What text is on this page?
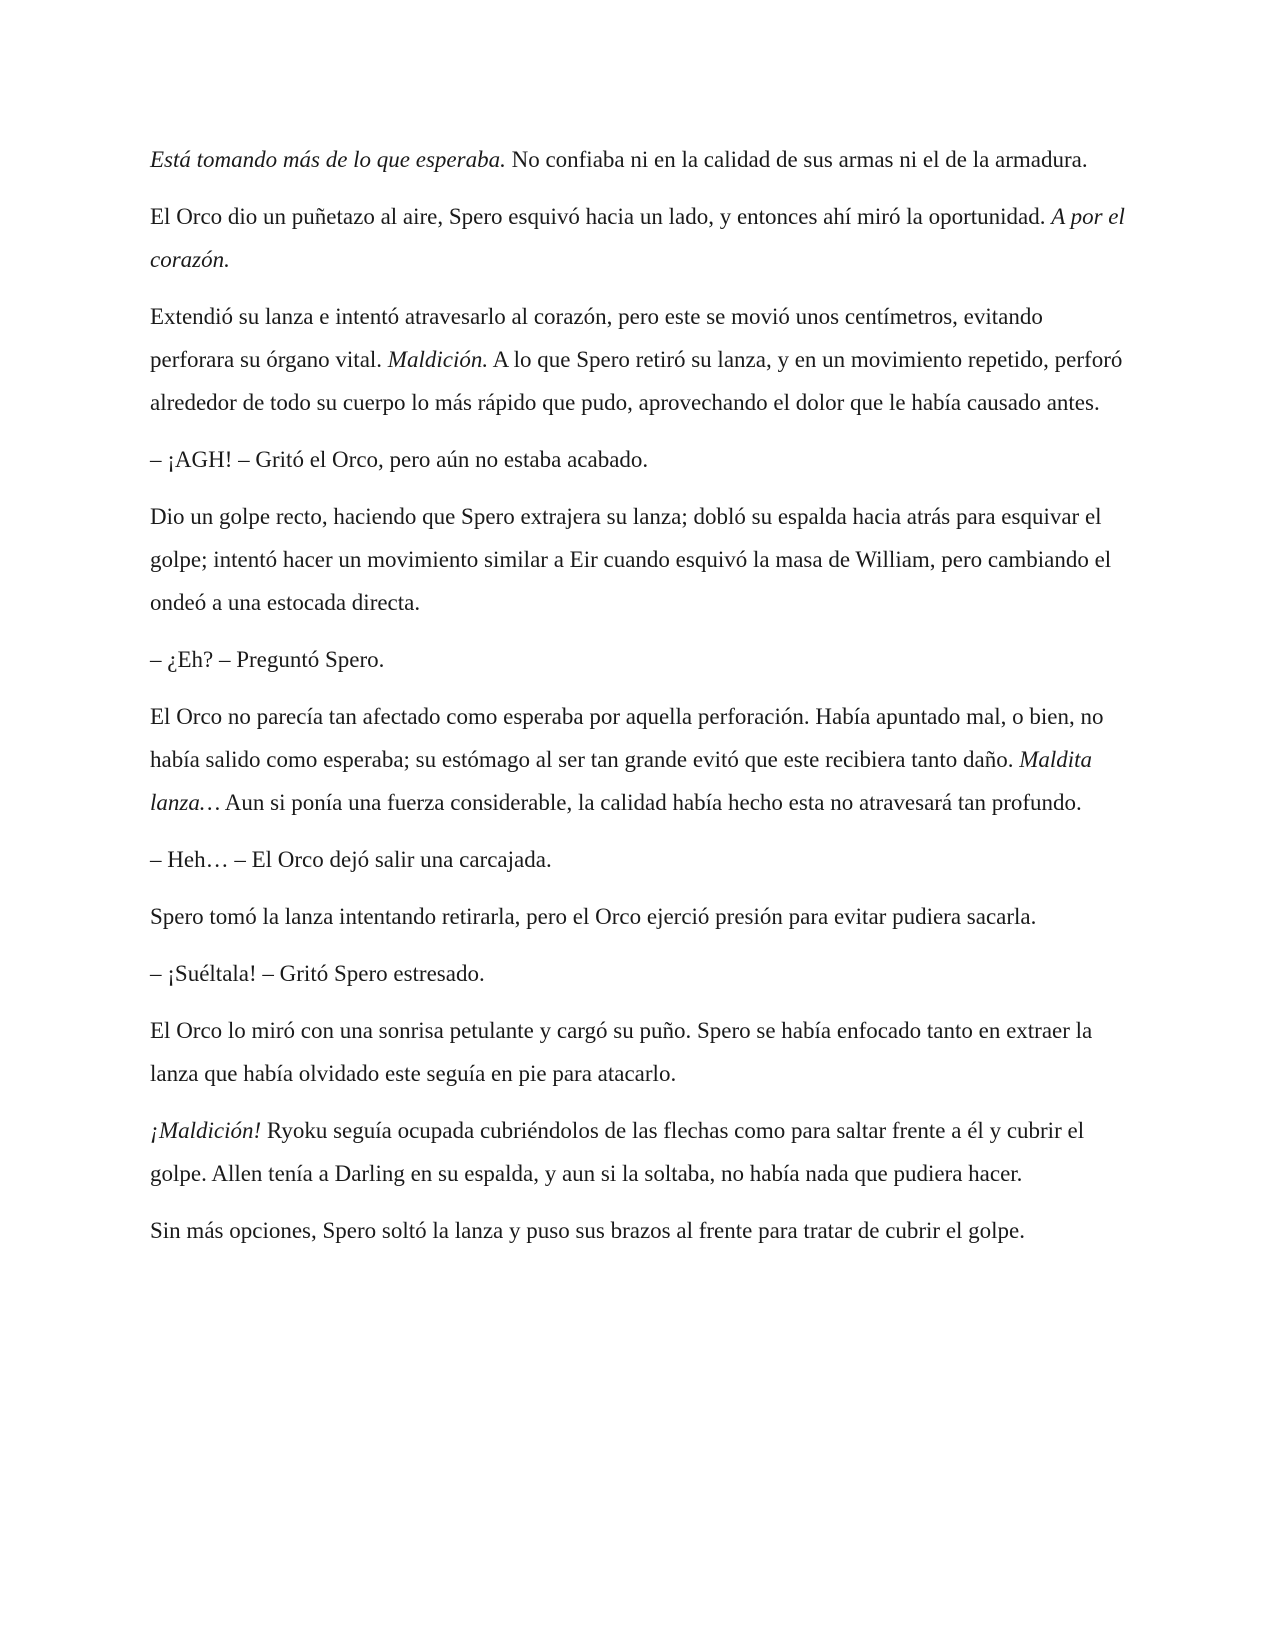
Está tomando más de lo que esperaba. No confiaba ni en la calidad de sus armas ni el de la armadura.

El Orco dio un puñetazo al aire, Spero esquivó hacia un lado, y entonces ahí miró la oportunidad. A por el corazón.

Extendió su lanza e intentó atravesarlo al corazón, pero este se movió unos centímetros, evitando perforara su órgano vital. Maldición. A lo que Spero retiró su lanza, y en un movimiento repetido, perforó alrededor de todo su cuerpo lo más rápido que pudo, aprovechando el dolor que le había causado antes.

– ¡AGH! – Gritó el Orco, pero aún no estaba acabado.

Dio un golpe recto, haciendo que Spero extrajera su lanza; dobló su espalda hacia atrás para esquivar el golpe; intentó hacer un movimiento similar a Eir cuando esquivó la masa de William, pero cambiando el ondeó a una estocada directa.

– ¿Eh? – Preguntó Spero.

El Orco no parecía tan afectado como esperaba por aquella perforación. Había apuntado mal, o bien, no había salido como esperaba; su estómago al ser tan grande evitó que este recibiera tanto daño. Maldita lanza… Aun si ponía una fuerza considerable, la calidad había hecho esta no atravesará tan profundo.

– Heh… – El Orco dejó salir una carcajada.

Spero tomó la lanza intentando retirarla, pero el Orco ejerció presión para evitar pudiera sacarla.

– ¡Suéltala! – Gritó Spero estresado.

El Orco lo miró con una sonrisa petulante y cargó su puño. Spero se había enfocado tanto en extraer la lanza que había olvidado este seguía en pie para atacarlo.

¡Maldición! Ryoku seguía ocupada cubriéndolos de las flechas como para saltar frente a él y cubrir el golpe. Allen tenía a Darling en su espalda, y aun si la soltaba, no había nada que pudiera hacer.

Sin más opciones, Spero soltó la lanza y puso sus brazos al frente para tratar de cubrir el golpe.
